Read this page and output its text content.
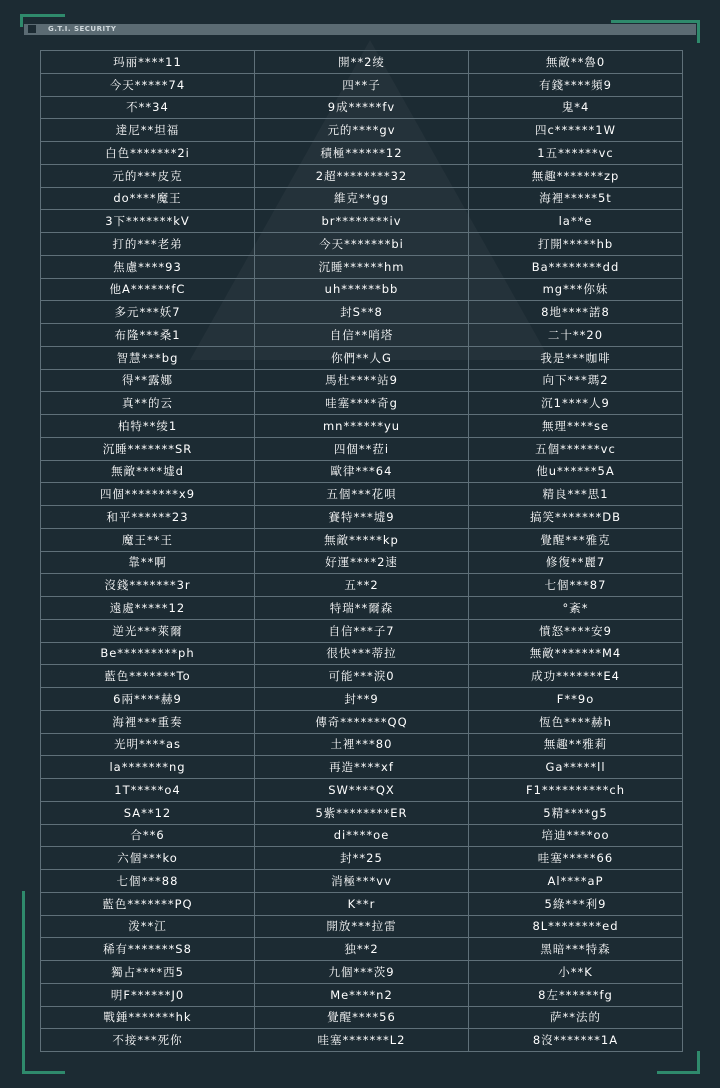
G.T.I. SECURITY
玛丽****11	開**2绫	無敵**魯0
今天*****74	四**子	有錢****頻9
不**34	9成*****fv	鬼*4
達尼**坦福	元的****gv	四c******1W
白色*******2i	積極******12	1五******vc
元的***皮克	2超********32	無趣*******zp
do****魔王	維克**gg	海裡*****5t
3下*******kV	br********iv	la**e
打的***老弟	今天*******bi	打開*****hb
焦慮****93	沉睡******hm	Ba********dd
他A******fC	uh******bb	mg***你妹
多元***妖7	封S**8	8地****諾8
布隆***桑1	自信**哨塔	二十**20
智慧***bg	你們**人G	我是***咖啡
得**露娜	馬杜****站9	向下***瑪2
真**的云	哇塞****奇g	沉1****人9
柏特**绫1	mn******yu	無理****se
沉睡*******SR	四個**菈i	五個******vc
無敵****墟d	歐律***64	他u******5A
四個********x9	五個***花唄	精良***思1
和平******23	賽特***墟9	搞笑*******DB
魔王**王	無敵*****kp	覺醒***雅克
靠**啊	好運****2速	修復**麗7
沒錢*******3r	五**2	七個***87
遠處*****12	特瑞**爾森	°紊*
逆光***萊爾	自信***子7	憤怒****安9
Be*********ph	很快***蒂拉	無敵*******M4
藍色*******To	可能***淚0	成功*******E4
6兩****赫9	封**9	F**9o
海裡***重奏	傳奇*******QQ	恆色****赫h
光明****as	土裡***80	無趣**雅莉
la*******ng	再造****xf	Ga*****ll
1T*****o4	SW****QX	F1**********ch
SA**12	5紫********ER	5精****g5
合**6	di****oe	培迪****oo
六個***ko	封**25	哇塞*****66
七個***88	消極***vv	Al****aP
藍色*******PQ	K**r	5綠***利9
泼**江	開放***拉雷	8L********ed
稀有*******S8	独**2	黑暗***特森
獨占****西5	九個***茨9	小**K
明F******J0	Me****n2	8左******fg
戰錘*******hk	覺醒****56	萨**法的
不接***死你	哇塞*******L2	8沒*******1A
